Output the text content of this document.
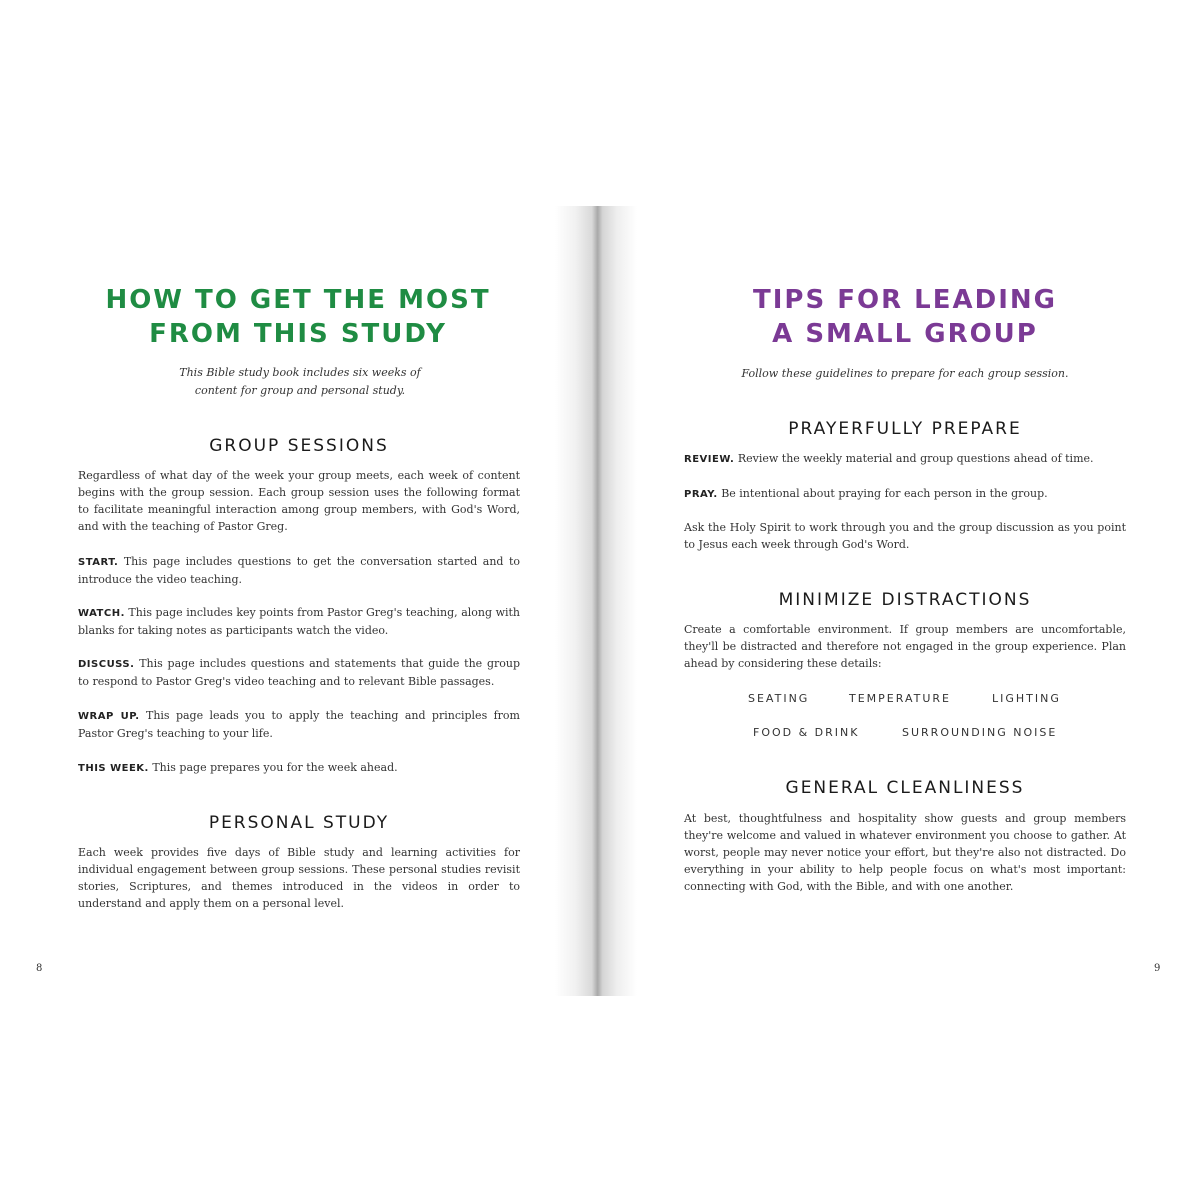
HOW TO GET THE MOST
FROM THIS STUDY

This Bible study book includes six weeks of
content for group and personal study.

GROUP SESSIONS

Regardless of what day of the week your group meets, each week of content begins with the group session. Each group session uses the following format to facilitate meaningful interaction among group members, with God's Word, and with the teaching of Pastor Greg.

START. This page includes questions to get the conversation started and to introduce the video teaching.

WATCH. This page includes key points from Pastor Greg's teaching, along with blanks for taking notes as participants watch the video.

DISCUSS. This page includes questions and statements that guide the group to respond to Pastor Greg's video teaching and to relevant Bible passages.

WRAP UP. This page leads you to apply the teaching and principles from Pastor Greg's teaching to your life.

THIS WEEK. This page prepares you for the week ahead.

PERSONAL STUDY

Each week provides five days of Bible study and learning activities for individual engagement between group sessions. These personal studies revisit stories, Scriptures, and themes introduced in the videos in order to understand and apply them on a personal level.

8
TIPS FOR LEADING
A SMALL GROUP

Follow these guidelines to prepare for each group session.

PRAYERFULLY PREPARE

REVIEW. Review the weekly material and group questions ahead of time.

PRAY. Be intentional about praying for each person in the group.

Ask the Holy Spirit to work through you and the group discussion as you point to Jesus each week through God's Word.

MINIMIZE DISTRACTIONS

Create a comfortable environment. If group members are uncomfortable, they'll be distracted and therefore not engaged in the group experience. Plan ahead by considering these details:

SEATING	TEMPERATURE	LIGHTING
FOOD & DRINK	SURROUNDING NOISE
GENERAL CLEANLINESS

At best, thoughtfulness and hospitality show guests and group members they're welcome and valued in whatever environment you choose to gather. At worst, people may never notice your effort, but they're also not distracted. Do everything in your ability to help people focus on what's most important: connecting with God, with the Bible, and with one another.

9
